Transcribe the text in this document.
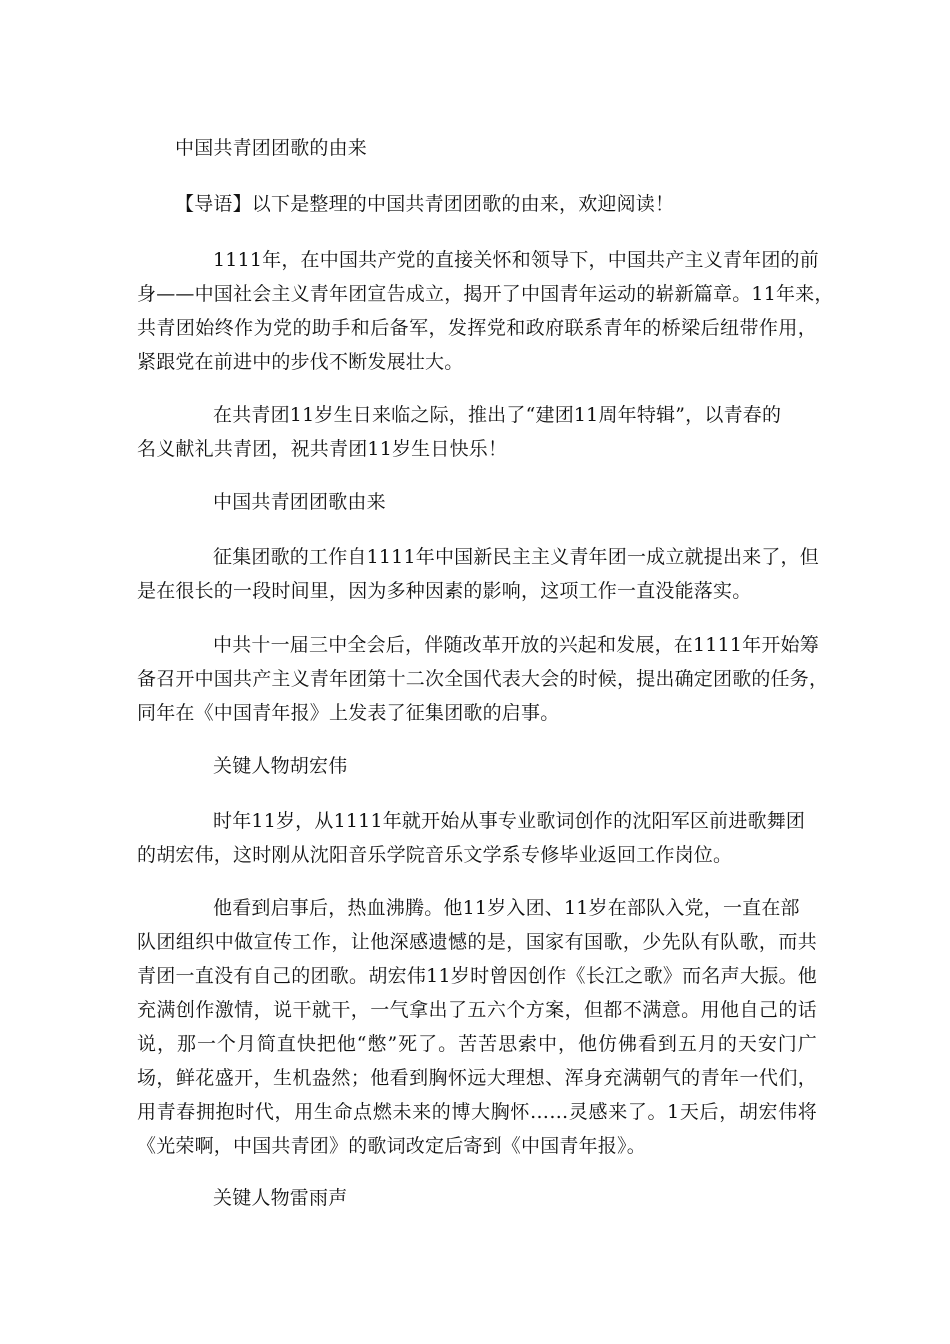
中国共青团团歌的由来
【导语】以下是整理的中国共青团团歌的由来，欢迎阅读！
1111年，在中国共产党的直接关怀和领导下，中国共产主义青年团的前
身——中国社会主义青年团宣告成立，揭开了中国青年运动的崭新篇章。11年来，
共青团始终作为党的助手和后备军，发挥党和政府联系青年的桥梁后纽带作用，
紧跟党在前进中的步伐不断发展壮大。
在共青团11岁生日来临之际，推出了“建团11周年特辑”，以青春的
名义献礼共青团，祝共青团11岁生日快乐！
中国共青团团歌由来
征集团歌的工作自1111年中国新民主主义青年团一成立就提出来了，但
是在很长的一段时间里，因为多种因素的影响，这项工作一直没能落实。
中共十一届三中全会后，伴随改革开放的兴起和发展，在1111年开始筹
备召开中国共产主义青年团第十二次全国代表大会的时候，提出确定团歌的任务，
同年在《中国青年报》上发表了征集团歌的启事。
关键人物胡宏伟
时年11岁，从1111年就开始从事专业歌词创作的沈阳军区前进歌舞团
的胡宏伟，这时刚从沈阳音乐学院音乐文学系专修毕业返回工作岗位。
他看到启事后，热血沸腾。他11岁入团、11岁在部队入党，一直在部
队团组织中做宣传工作，让他深感遗憾的是，国家有国歌，少先队有队歌，而共
青团一直没有自己的团歌。胡宏伟11岁时曾因创作《长江之歌》而名声大振。他
充满创作激情，说干就干，一气拿出了五六个方案，但都不满意。用他自己的话
说，那一个月简直快把他“憋”死了。苦苦思索中，他仿佛看到五月的天安门广
场，鲜花盛开，生机盎然；他看到胸怀远大理想、浑身充满朝气的青年一代们，
用青春拥抱时代，用生命点燃未来的博大胸怀……灵感来了。1天后，胡宏伟将
《光荣啊，中国共青团》的歌词改定后寄到《中国青年报》。
关键人物雷雨声
